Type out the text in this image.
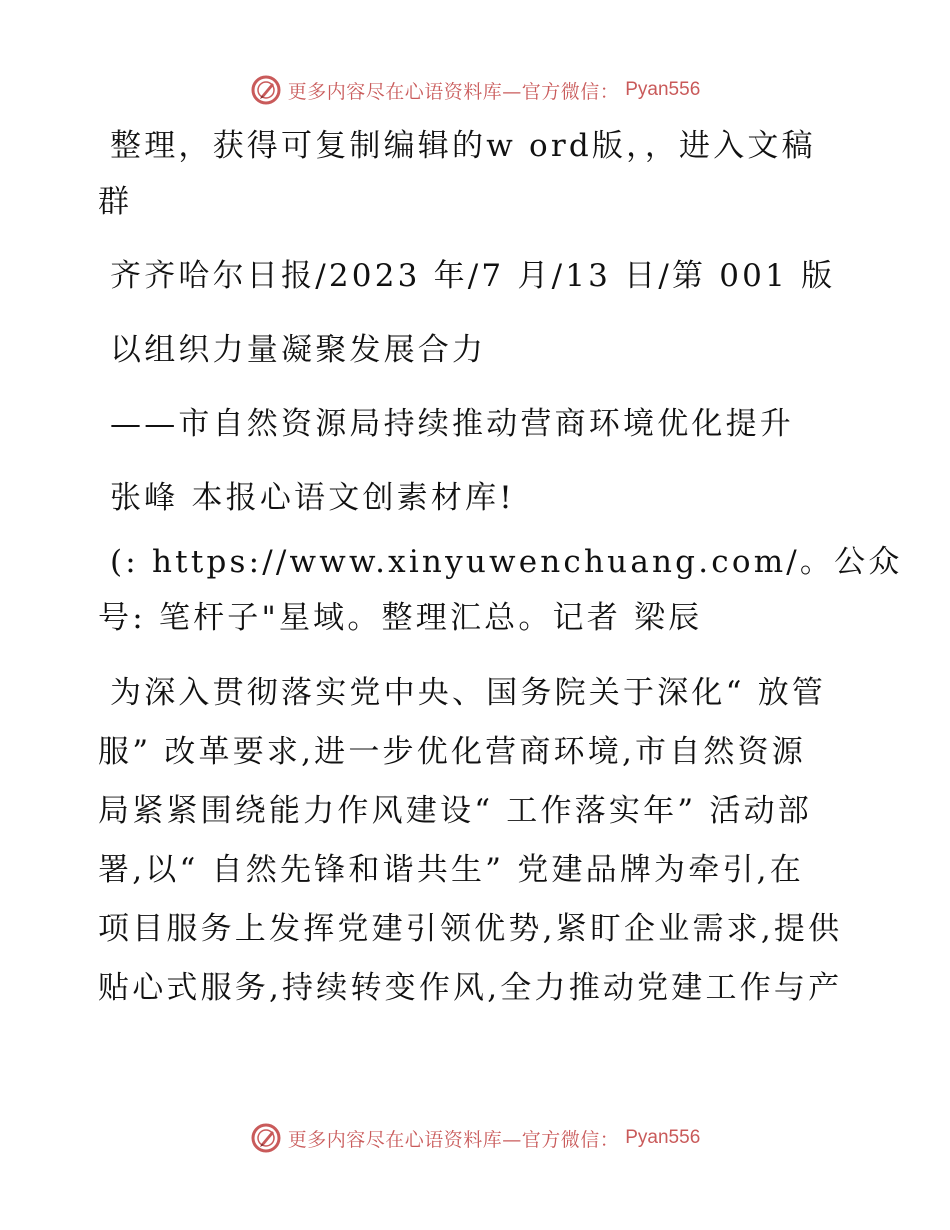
更多内容尽在心语资料库—官方微信： Pyan556

整理，获得可复制编辑的w ord版，，进入文稿

群

齐齐哈尔日报/2023 年/7 月/13 日/第 001 版

以组织力量凝聚发展合力

——市自然资源局持续推动营商环境优化提升

张峰 本报心语文创素材库!

(: https://www.xinyuwenchuang.com/。公众

号: 笔杆子"星域。整理汇总。记者 梁辰

为深入贯彻落实党中央、国务院关于深化“ 放管

服” 改革要求,进一步优化营商环境,市自然资源

局紧紧围绕能力作风建设“ 工作落实年” 活动部

署,以“ 自然先锋和谐共生” 党建品牌为牵引,在

项目服务上发挥党建引领优势,紧盯企业需求,提供

贴心式服务,持续转变作风,全力推动党建工作与产

更多内容尽在心语资料库—官方微信： Pyan556
